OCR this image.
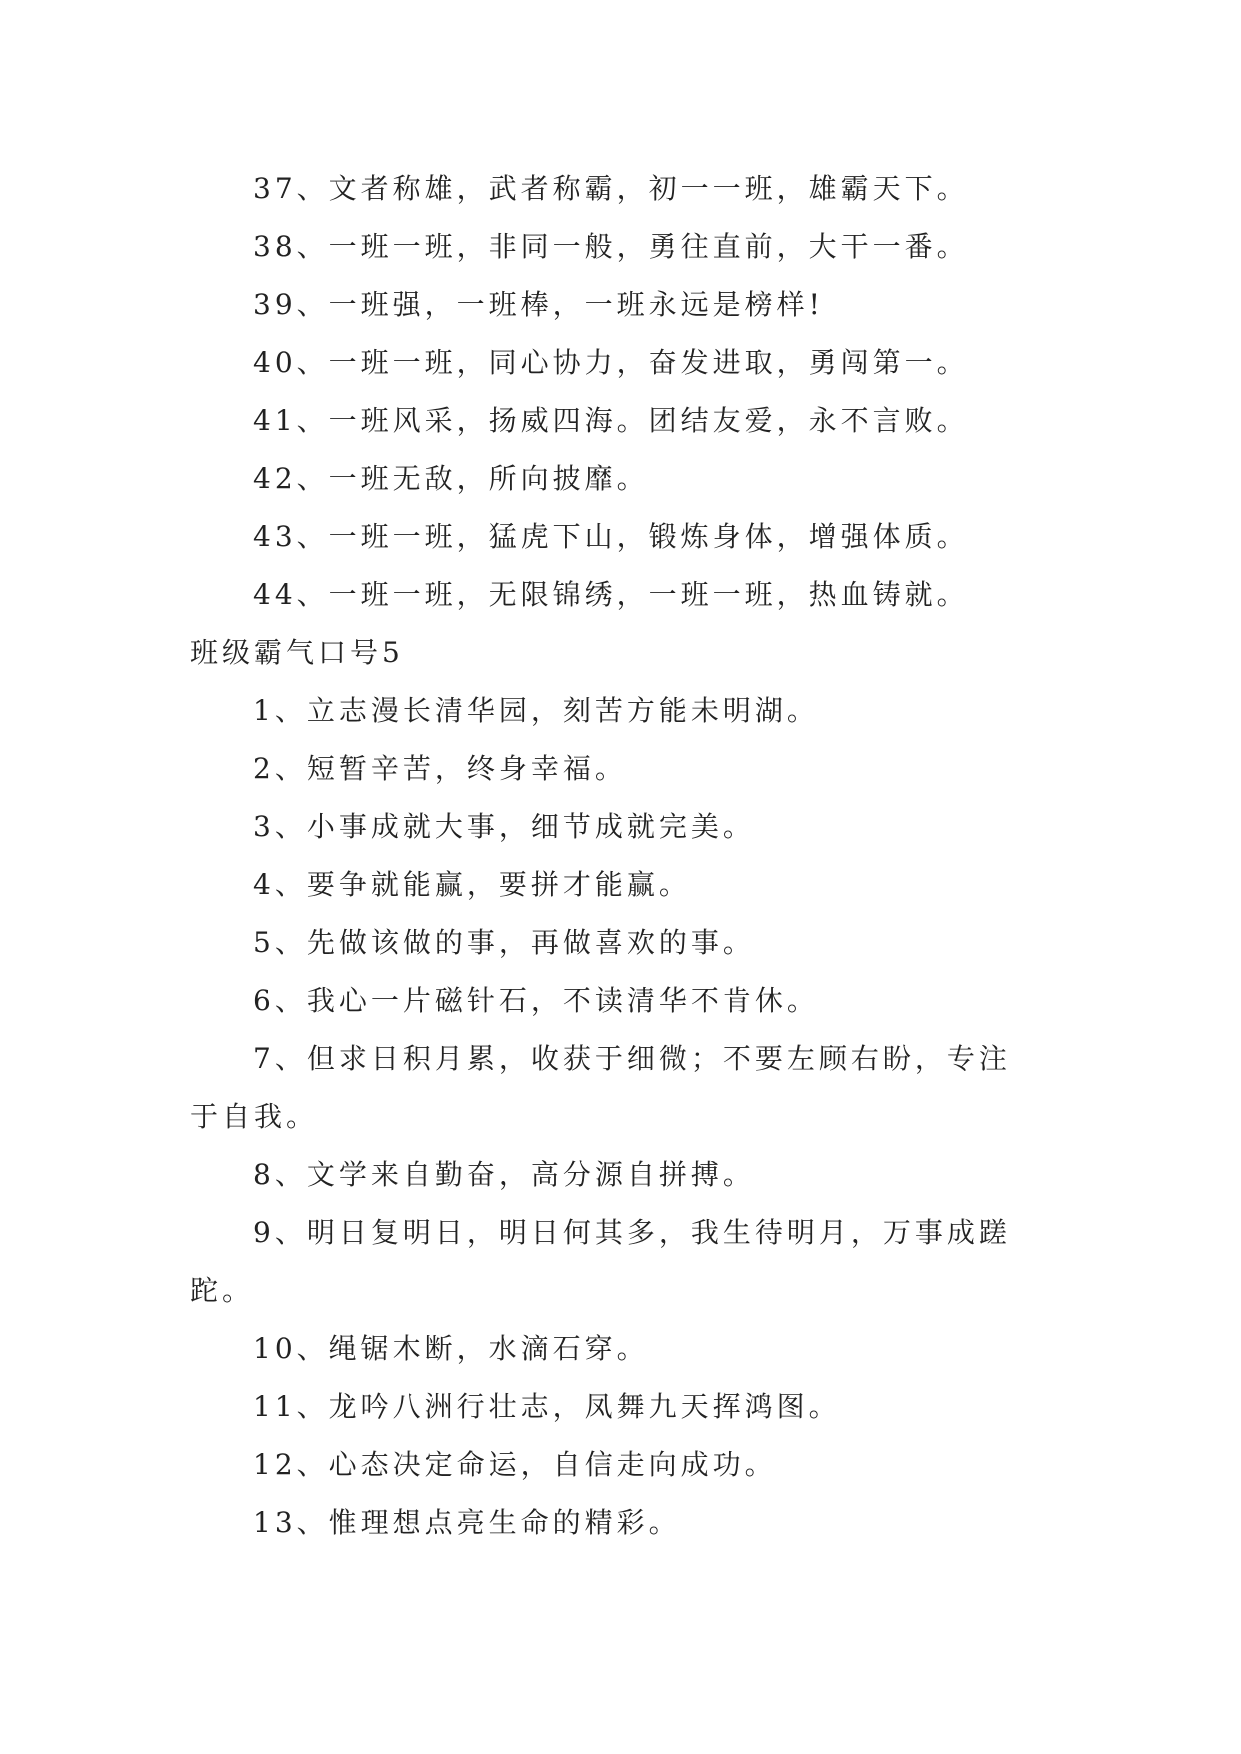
37、文者称雄，武者称霸，初一一班，雄霸天下。
38、一班一班，非同一般，勇往直前，大干一番。
39、一班强，一班棒，一班永远是榜样!
40、一班一班，同心协力，奋发进取，勇闯第一。
41、一班风采，扬威四海。团结友爱，永不言败。
42、一班无敌，所向披靡。
43、一班一班，猛虎下山，锻炼身体，增强体质。
44、一班一班，无限锦绣，一班一班，热血铸就。
班级霸气口号5
1、立志漫长清华园，刻苦方能未明湖。
2、短暂辛苦，终身幸福。
3、小事成就大事，细节成就完美。
4、要争就能赢，要拼才能赢。
5、先做该做的事，再做喜欢的事。
6、我心一片磁针石，不读清华不肯休。
7、但求日积月累，收获于细微；不要左顾右盼，专注
于自我。
8、文学来自勤奋，高分源自拼搏。
9、明日复明日，明日何其多，我生待明月，万事成蹉
跎。
10、绳锯木断，水滴石穿。
11、龙吟八洲行壮志，凤舞九天挥鸿图。
12、心态决定命运，自信走向成功。
13、惟理想点亮生命的精彩。
